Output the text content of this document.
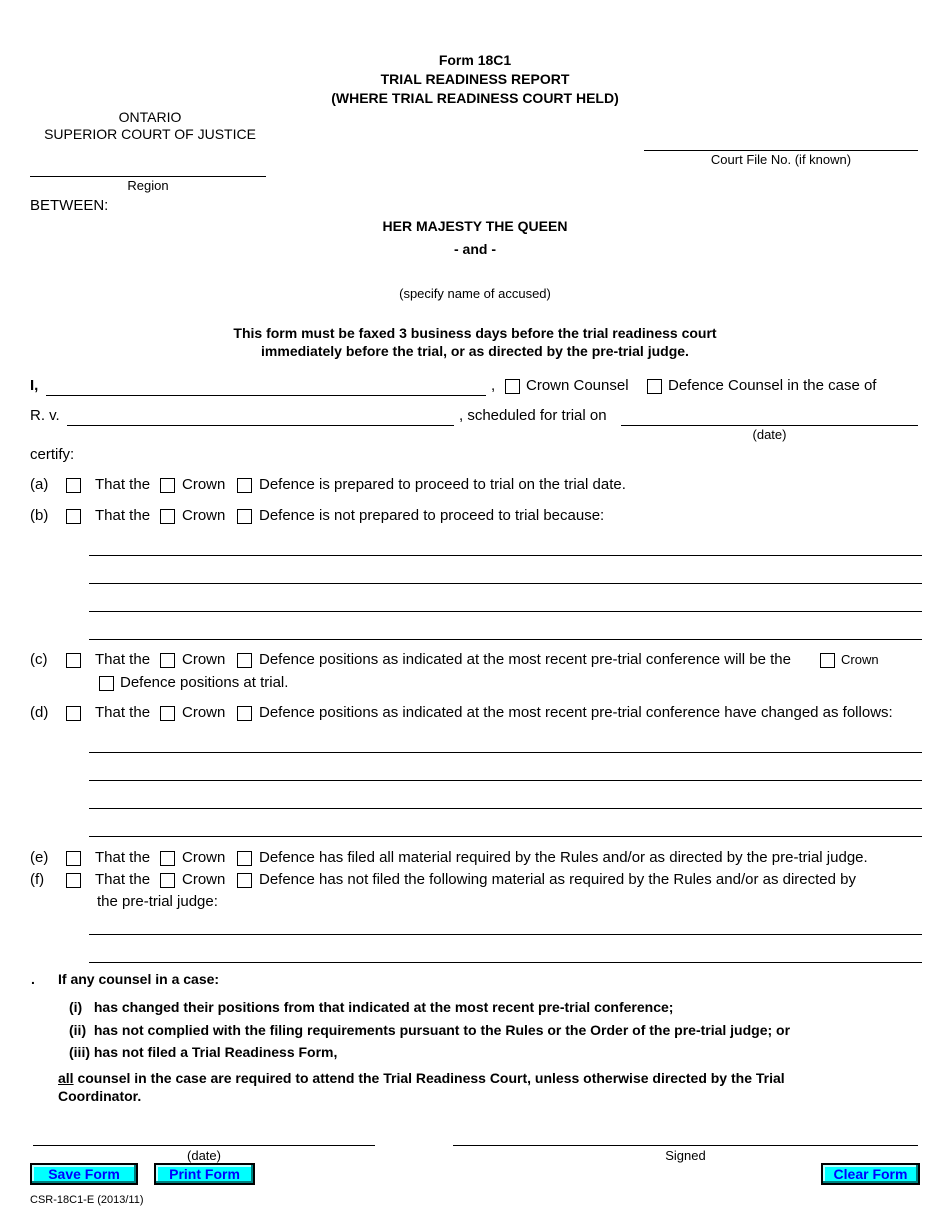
Form 18C1
TRIAL READINESS REPORT
(WHERE TRIAL READINESS COURT HELD)
ONTARIO
SUPERIOR COURT OF JUSTICE
Court File No. (if known)
Region
BETWEEN:
HER MAJESTY THE QUEEN
- and -
(specify name of accused)
This form must be faxed 3 business days before the trial readiness court
immediately before the trial, or as directed by the pre-trial judge.
I,	, Crown Counsel	Defence Counsel in the case of
R. v.	, scheduled for trial on
(date)
certify:
(a)	That the Crown Defence is prepared to proceed to trial on the trial date.
(b)	That the Crown Defence is not prepared to proceed to trial because:
(c)	That the Crown Defence positions as indicated at the most recent pre-trial conference will be the	Crown
Defence positions at trial.
(d)	That the Crown Defence positions as indicated at the most recent pre-trial conference have changed as follows:
(e)	That the Crown Defence has filed all material required by the Rules and/or as directed by the pre-trial judge.
(f)	That the Crown Defence has not filed the following material as required by the Rules and/or as directed by
the pre-trial judge:
. If any counsel in a case:
(i)   has changed their positions from that indicated at the most recent pre-trial conference;
(ii)  has not complied with the filing requirements pursuant to the Rules or the Order of the pre-trial judge; or
(iii) has not filed a Trial Readiness Form,
all counsel in the case are required to attend the Trial Readiness Court, unless otherwise directed by the Trial
Coordinator.
(date)	Signed
Save Form	Print Form	Clear Form
CSR-18C1-E (2013/11)
